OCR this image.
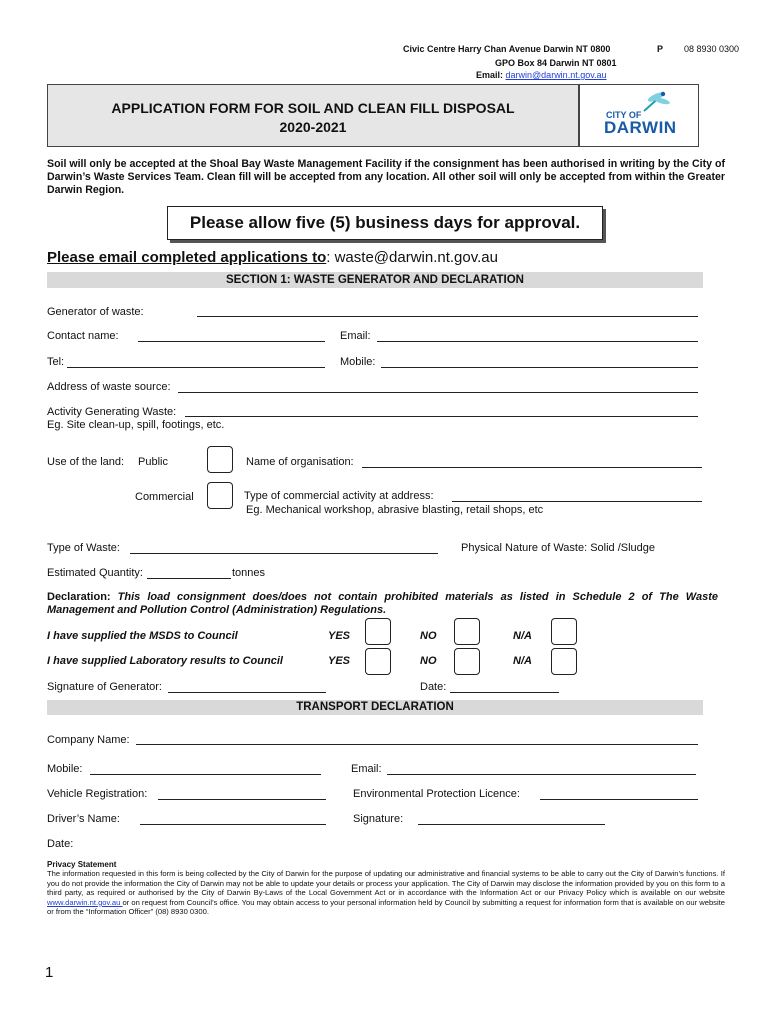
Civic Centre Harry Chan Avenue Darwin NT 0800	P 08 8930 0300
GPO Box 84 Darwin NT 0801
Email: darwin@darwin.nt.gov.au
APPLICATION FORM FOR SOIL AND CLEAN FILL DISPOSAL
2020-2021
CITY OF
DARWIN
Soil will only be accepted at the Shoal Bay Waste Management Facility if the consignment has been authorised in writing by the City of Darwin’s Waste Services Team. Clean fill will be accepted from any location. All other soil will only be accepted from within the Greater Darwin Region.
Please allow five (5) business days for approval.
Please email completed applications to: waste@darwin.nt.gov.au
SECTION 1: WASTE GENERATOR AND DECLARATION
Generator of waste:
Contact name:	Email:
Tel:	Mobile:
Address of waste source:
Activity Generating Waste:
Eg. Site clean-up, spill, footings, etc.
Use of the land: Public	Name of organisation:
Commercial	Type of commercial activity at address:
Eg. Mechanical workshop, abrasive blasting, retail shops, etc
Type of Waste:	Physical Nature of Waste: Solid /Sludge
Estimated Quantity:	tonnes
Declaration: This load consignment does/does not contain prohibited materials as listed in Schedule 2 of The Waste Management and Pollution Control (Administration) Regulations.
I have supplied the MSDS to Council	YES	NO	N/A
I have supplied Laboratory results to Council	YES	NO	N/A
Signature of Generator:	Date:
TRANSPORT DECLARATION
Company Name:
Mobile:	Email:
Vehicle Registration:	Environmental Protection Licence:
Driver’s Name:	Signature:
Date:
Privacy Statement
The information requested in this form is being collected by the City of Darwin for the purpose of updating our administrative and financial systems to be able to carry out the City of Darwin’s functions. If you do not provide the information the City of Darwin may not be able to update your details or process your application. The City of Darwin may disclose the information provided by you on this form to a third party, as required or authorised by the City of Darwin By-Laws of the Local Government Act or in accordance with the Information Act or our Privacy Policy which is available on our website www.darwin.nt.gov.au or on request from Council’s office. You may obtain access to your personal information held by Council by submitting a request for information form that is available on our website or from the “Information Officer” (08) 8930 0300.
1
